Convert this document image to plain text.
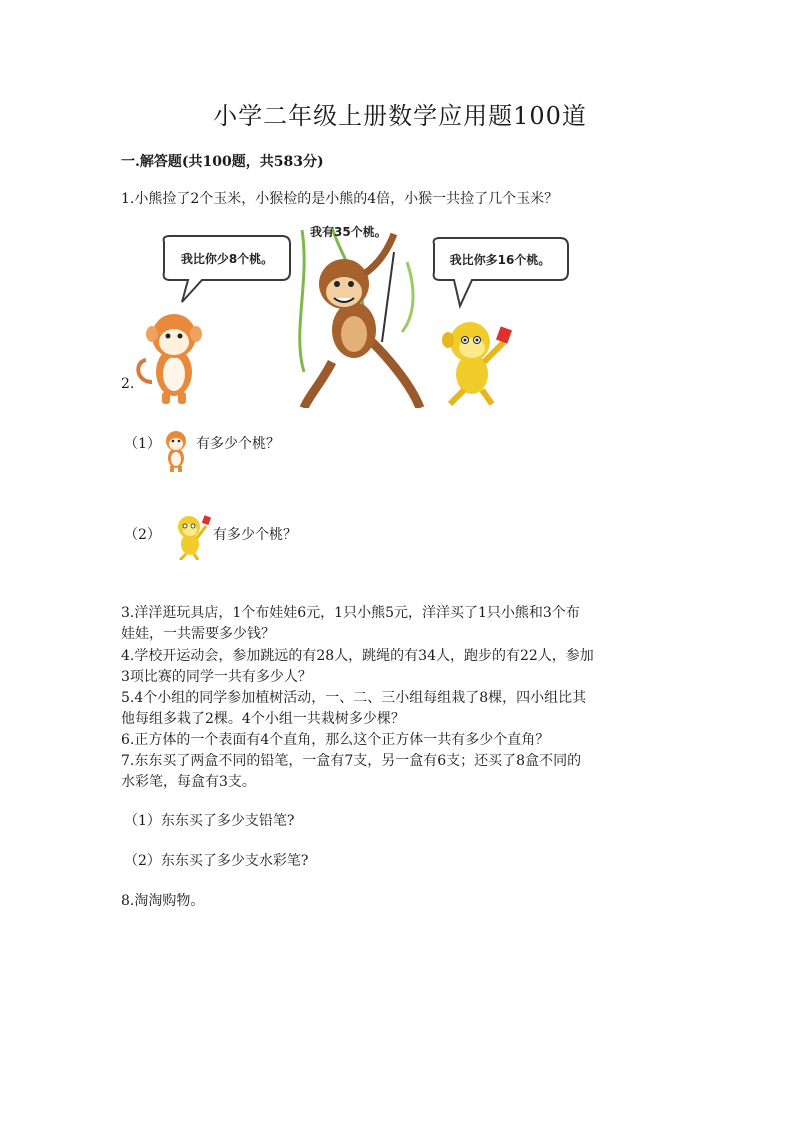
小学二年级上册数学应用题100道
一.解答题(共100题，共583分)
1.小熊捡了2个玉米，小猴检的是小熊的4倍，小猴一共捡了几个玉米？
2.
我比你少8个桃。
我有35个桃。
我比你多16个桃。
（1）	有多少个桃？
（2）	有多少个桃？
3.洋洋逛玩具店，1个布娃娃6元，1只小熊5元，洋洋买了1只小熊和3个布
娃娃，一共需要多少钱？
4.学校开运动会，参加跳远的有28人，跳绳的有34人，跑步的有22人，参加
3项比赛的同学一共有多少人？
5.4个小组的同学参加植树活动，一、二、三小组每组栽了8棵，四小组比其
他每组多栽了2棵。4个小组一共栽树多少棵？
6.正方体的一个表面有4个直角，那么这个正方体一共有多少个直角？
7.东东买了两盒不同的铅笔，一盒有7支，另一盒有6支；还买了8盒不同的
水彩笔，每盒有3支。
（1）东东买了多少支铅笔?
（2）东东买了多少支水彩笔?
8.淘淘购物。
